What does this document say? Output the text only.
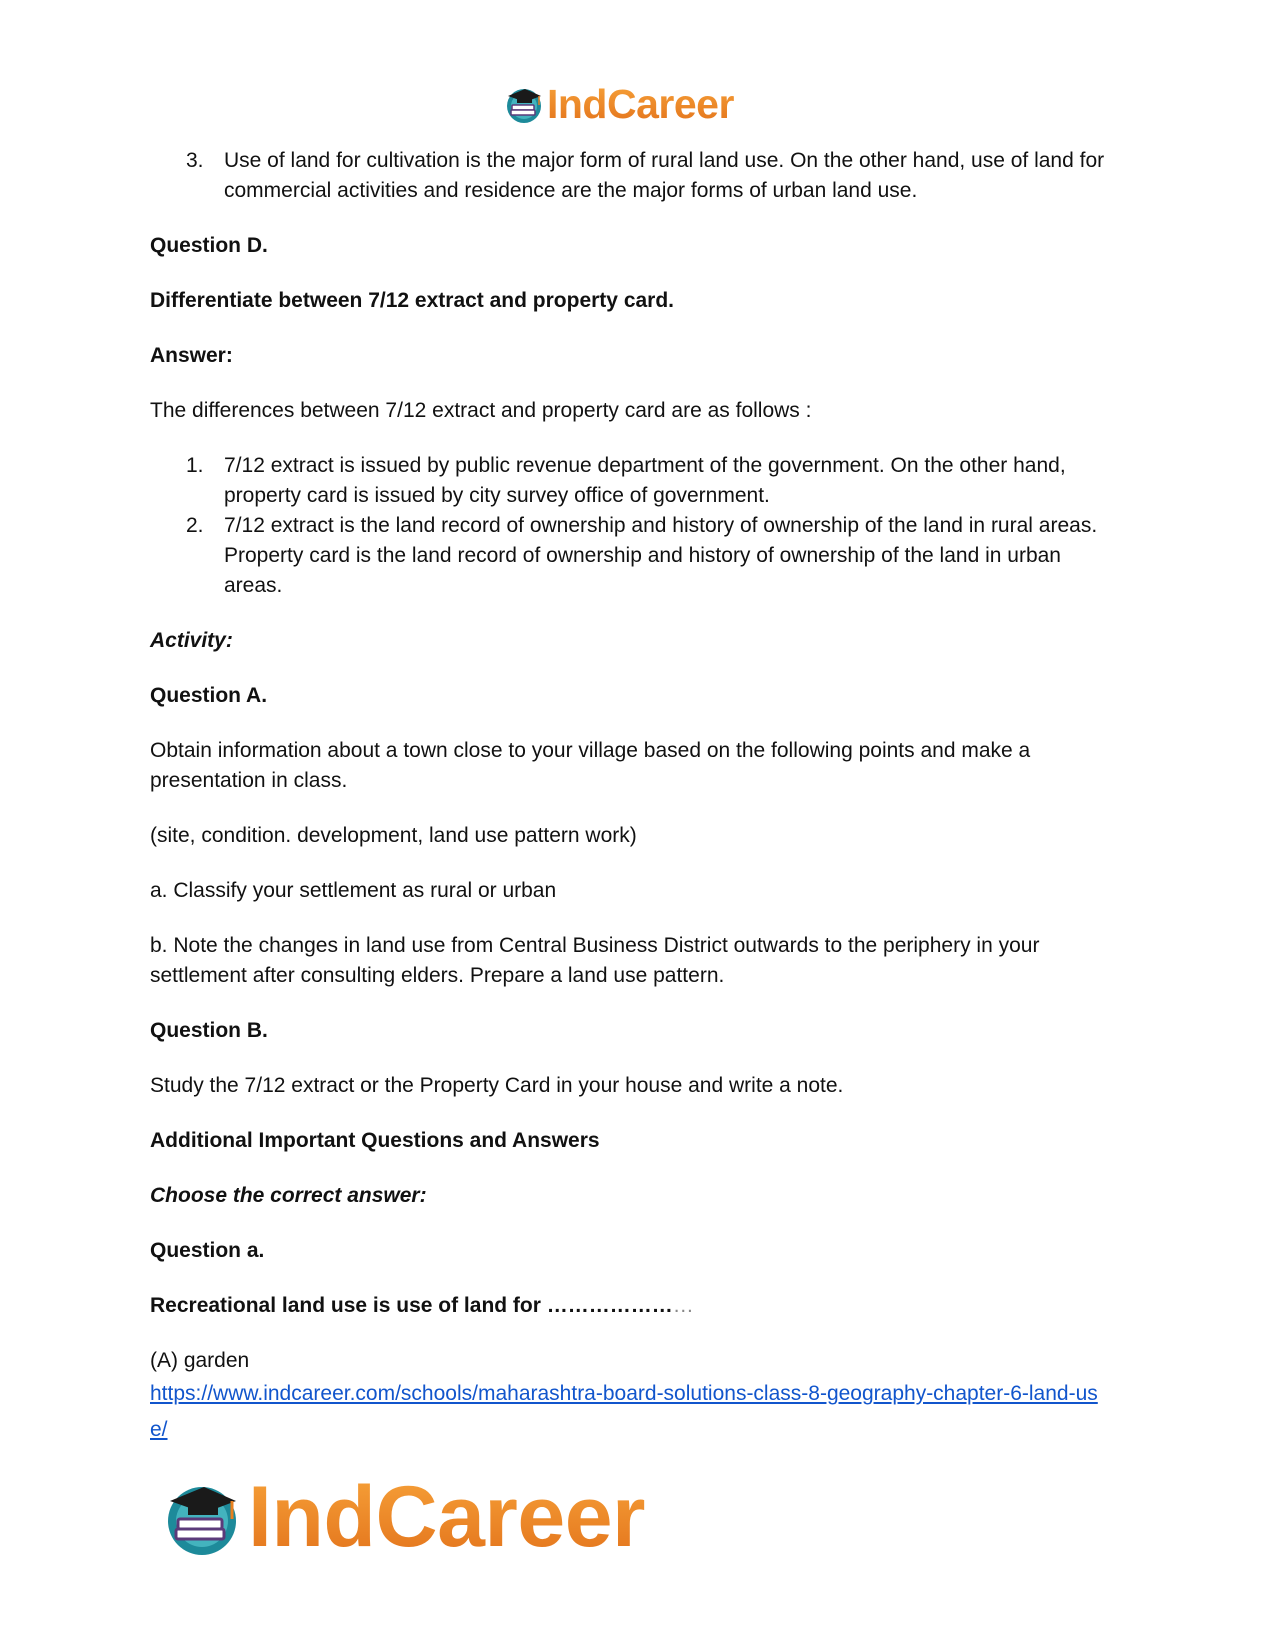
IndCareer
3. Use of land for cultivation is the major form of rural land use. On the other hand, use of land for commercial activities and residence are the major forms of urban land use.

Question D.

Differentiate between 7/12 extract and property card.

Answer:

The differences between 7/12 extract and property card are as follows :

1. 7/12 extract is issued by public revenue department of the government. On the other hand, property card is issued by city survey office of government.
2. 7/12 extract is the land record of ownership and history of ownership of the land in rural areas. Property card is the land record of ownership and history of ownership of the land in urban areas.

Activity:

Question A.

Obtain information about a town close to your village based on the following points and make a presentation in class.

(site, condition. development, land use pattern work)

a. Classify your settlement as rural or urban

b. Note the changes in land use from Central Business District outwards to the periphery in your settlement after consulting elders. Prepare a land use pattern.

Question B.

Study the 7/12 extract or the Property Card in your house and write a note.

Additional Important Questions and Answers

Choose the correct answer:

Question a.

Recreational land use is use of land for …………………

(A) garden

https://www.indcareer.com/schools/maharashtra-board-solutions-class-8-geography-chapter-6-land-use/
IndCareer
